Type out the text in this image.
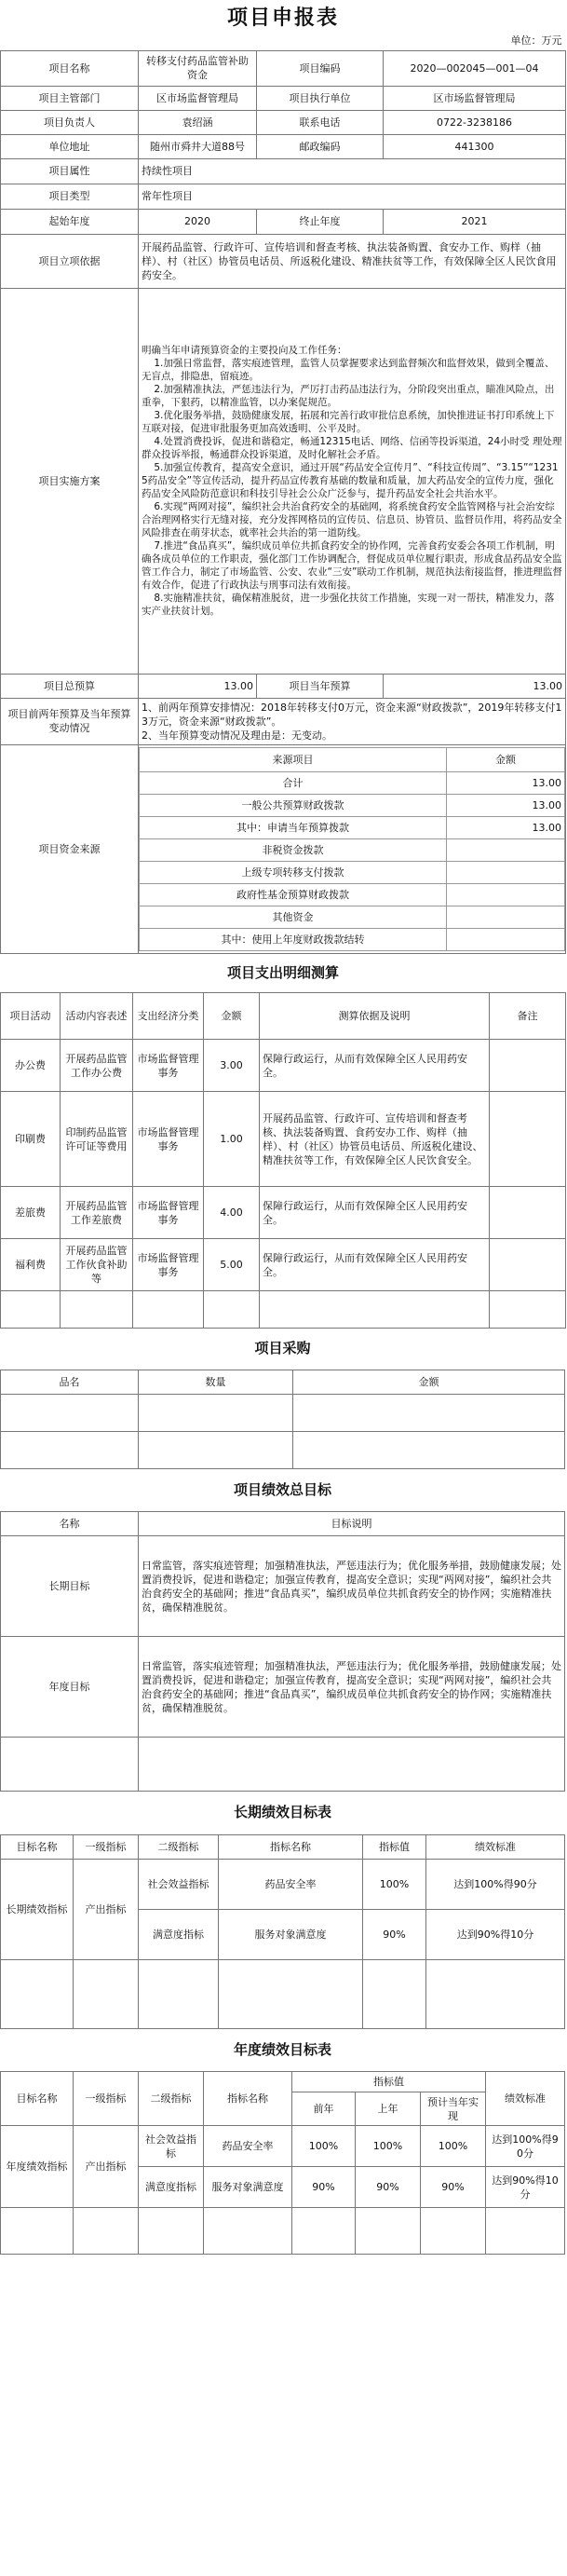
项目申报表
单位：万元
项目名称	转移支付药品监管补助资金	项目编码	2020—002045—001—04
项目主管部门	区市场监督管理局	项目执行单位	区市场监督管理局
项目负责人	袁绍涵	联系电话	0722-3238186
单位地址	随州市舜井大道88号	邮政编码	441300
项目属性	持续性项目
项目类型	常年性项目
起始年度	2020	终止年度	2021
项目立项依据	开展药品监管、行政许可、宣传培训和督查考核、执法装备购置、食安办工作、购样（抽样）、村（社区）协管员电话员、所返税化建设、精准扶贫等工作，有效保障全区人民饮食用药安全。
项目实施方案	明确当年申请预算资金的主要投向及工作任务：
1.加强日常监督，落实痕迹管理，监管人员掌握要求达到监督频次和监督效果，做到全覆盖、无盲点，排隐患，留痕迹。
2.加强精准执法，严惩违法行为，严厉打击药品违法行为，分阶段突出重点，瞄准风险点，出重拳，下狠药，以精准监管，以办案促规范。
3.优化服务举措，鼓励健康发展，拓展和完善行政审批信息系统，加快推进证书打印系统上下互联对接，促进审批服务更加高效透明、公平及时。
4.处置消费投诉，促进和谐稳定，畅通12315电话、网络、信函等投诉渠道，24小时受 理处理群众投诉举报，畅通群众投诉渠道，及时化解社会矛盾。
5.加强宣传教育，提高安全意识，通过开展“药品安全宣传月”、“科技宣传周”、“3.15”“12315药品安全”等宣传活动，提升药品宣传教育基础的数量和质量，加大药品安全的宣传力度，强化药品安全风险防范意识和科技引导社会公众广泛参与，提升药品安全社会共治水平。
6.实现“两网对接”，编织社会共治食药安全的基础网，将系统食药安全监管网格与社会治安综合治理网格实行无缝对接，充分发挥网格员的宣传员、信息员、协管员、监督员作用，将药品安全风险排查在萌芽状态，就率社会共治的第一道防线。
7.推进“食品真买”，编织成员单位共抓食药安全的协作网，完善食药安委会各项工作机制，明确各成员单位的工作职责，强化部门工作协调配合，督促成员单位履行职责，形成食品药品安全监管工作合力，制定了市场监管、公安、农业“三安”联动工作机制，规范执法衔接监督，推进理监督有效合作，促进了行政执法与刑事司法有效衔接。
8.实施精准扶贫，确保精准脱贫，进一步强化扶贫工作措施，实现一对一帮扶，精准发力，落实产业扶贫计划。
项目总预算	13.00	项目当年预算	13.00
项目前两年预算及当年预算变动情况	1、前两年预算安排情况：2018年转移支付0万元，资金来源“财政拨款”，2019年转移支付13万元，资金来源“财政拨款”。
2、当年预算变动情况及理由是：无变动。
项目资金来源	
来源项目	金额
合计	13.00
一般公共预算财政拨款	13.00
其中：申请当年预算拨款	13.00
非税资金拨款	
上级专项转移支付拨款	
政府性基金预算财政拨款	
其他资金	
其中：使用上年度财政拨款结转	
项目支出明细测算					
项目活动	活动内容表述	支出经济分类	金额	测算依据及说明	备注
办公费	开展药品监管工作办公费	市场监督管理事务	3.00	保障行政运行，从而有效保障全区人民用药安全。	
印刷费	印制药品监管许可证等费用	市场监督管理事务	1.00	开展药品监管、行政许可、宣传培训和督查考核、执法装备购置、食药安办工作、购样（抽样）、村（社区）协管员电话员、所返税化建设、精准扶贫等工作，有效保障全区人民饮食安全。	
差旅费	开展药品监管工作差旅费	市场监督管理事务	4.00	保障行政运行，从而有效保障全区人民用药安全。	
福利费	开展药品监管工作伙食补助等	市场监督管理事务	5.00	保障行政运行，从而有效保障全区人民用药安全。	

项目采购		
品名	数量	金额

项目绩效总目标	
名称	目标说明
长期目标	日常监管，落实痕迹管理；加强精准执法，严惩违法行为；优化服务举措，鼓励健康发展；处置消费投诉，促进和谐稳定；加强宣传教育，提高安全意识；实现“两网对接”，编织社会共治食药安全的基础网；推进“食品真买”，编织成员单位共抓食药安全的协作网；实施精准扶贫，确保精准脱贫。
年度目标	日常监管，落实痕迹管理；加强精准执法，严惩违法行为；优化服务举措，鼓励健康发展；处置消费投诉，促进和谐稳定；加强宣传教育，提高安全意识；实现“两网对接”，编织社会共治食药安全的基础网；推进“食品真买”，编织成员单位共抓食药安全的协作网；实施精准扶贫，确保精准脱贫。

长期绩效目标表					
目标名称	一级指标	二级指标	指标名称	指标值	绩效标准
长期绩效指标	产出指标	社会效益指标	药品安全率	100%	达到100%得90分
		满意度指标	服务对象满意度	90%	达到90%得10分

年度绩效目标表							
目标名称	一级指标	二级指标	指标名称	指标值			绩效标准
				前年	上年	预计当年实现	
年度绩效指标	产出指标	社会效益指标	药品安全率	100%	100%	100%	达到100%得90分
		满意度指标	服务对象满意度	90%	90%	90%	达到90%得10分
